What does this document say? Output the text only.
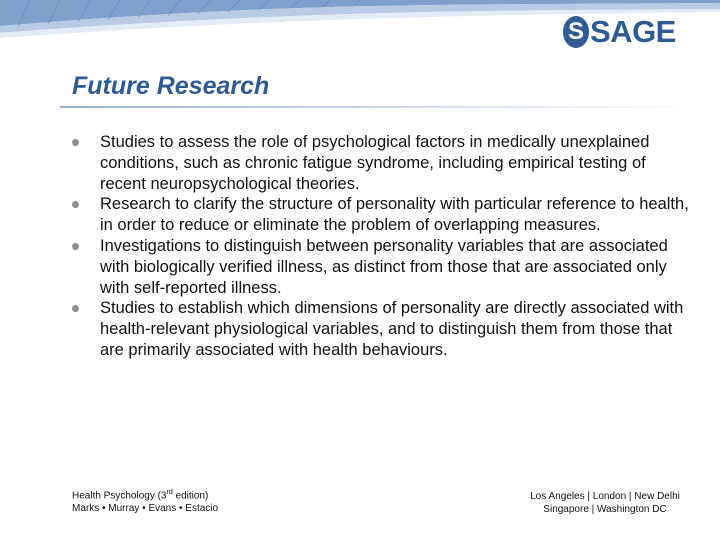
S SAGE
Future Research
Studies to assess the role of psychological factors in medically unexplained conditions, such as chronic fatigue syndrome, including empirical testing of recent neuropsychological theories.
Research to clarify the structure of personality with particular reference to health, in order to reduce or eliminate the problem of overlapping measures.
Investigations to distinguish between personality variables that are associated with biologically verified illness, as distinct from those that are associated only with self-reported illness.
Studies to establish which dimensions of personality are directly associated with health-relevant physiological variables, and to distinguish them from those that are primarily associated with health behaviours.
Health Psychology (3rd edition)
Marks • Murray • Evans • Estacio
Los Angeles | London | New Delhi
Singapore | Washington DC
